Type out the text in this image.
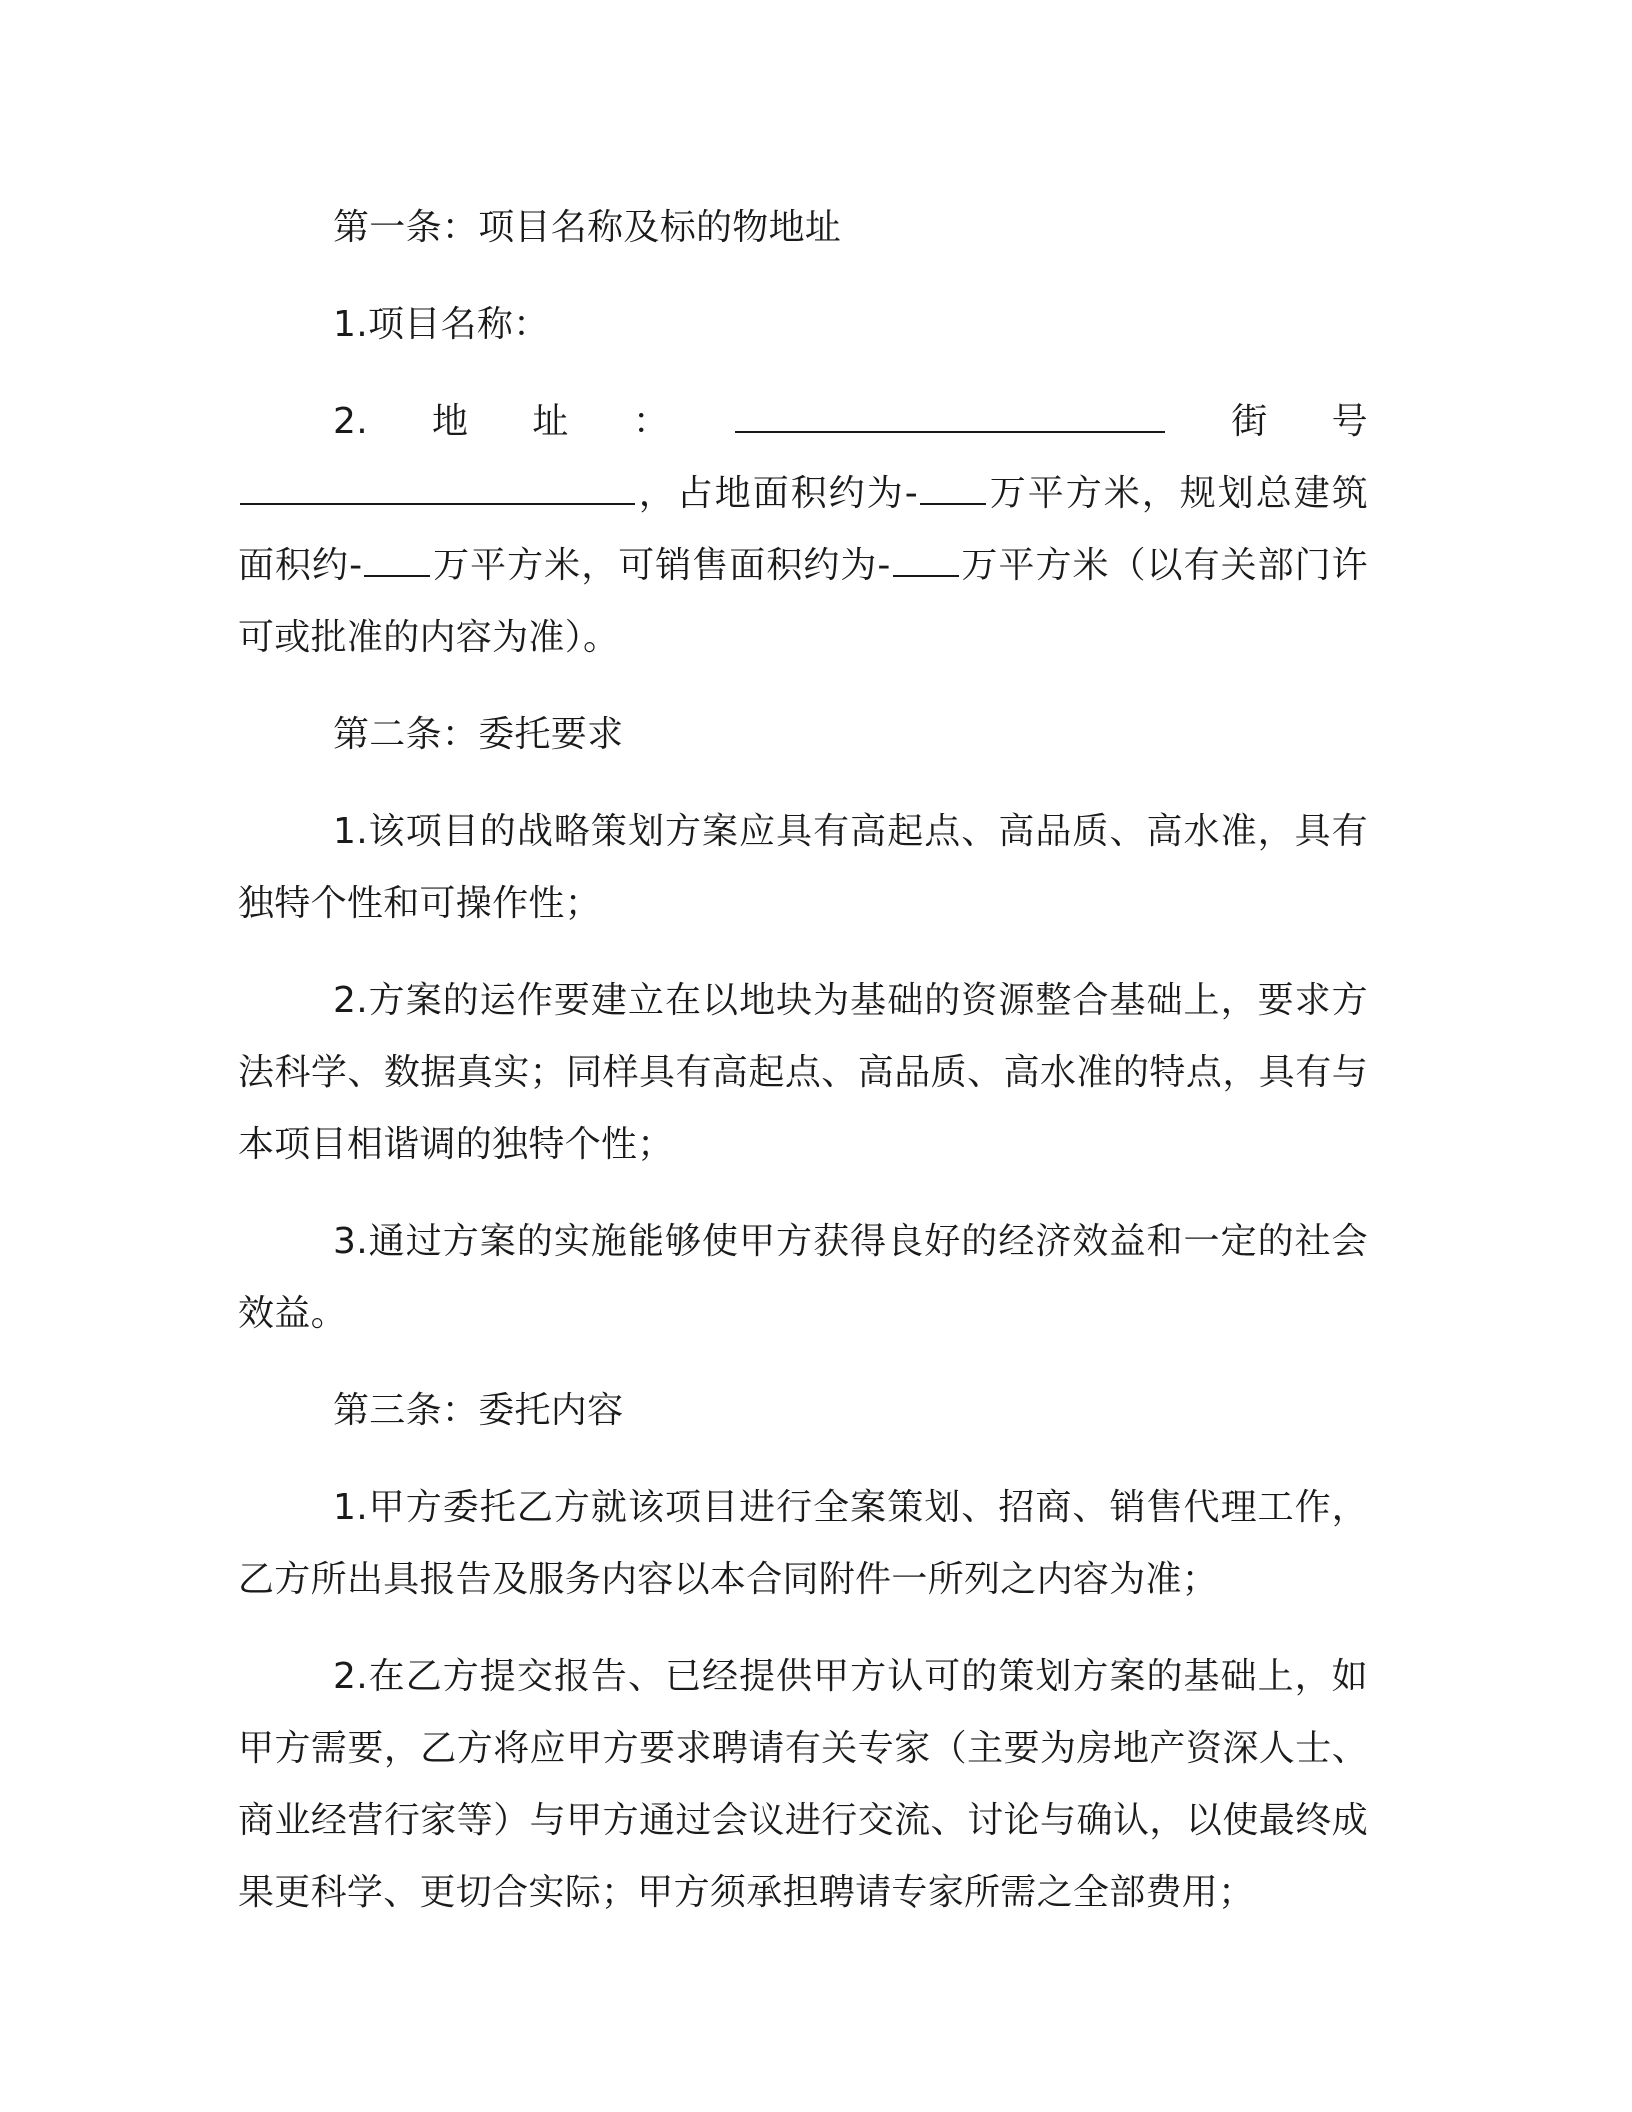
第一条：项目名称及标的物地址

1.项目名称：

2.地址：	街号，占地面积约为- 万平方米，规划总建筑面积约- 万平方米，可销售面积约为- 万平方米（以有关部门许可或批准的内容为准）。

第二条：委托要求

1.该项目的战略策划方案应具有高起点、高品质、高水准，具有独特个性和可操作性；

2.方案的运作要建立在以地块为基础的资源整合基础上，要求方法科学、数据真实；同样具有高起点、高品质、高水准的特点，具有与本项目相谐调的独特个性；

3.通过方案的实施能够使甲方获得良好的经济效益和一定的社会效益。

第三条：委托内容

1.甲方委托乙方就该项目进行全案策划、招商、销售代理工作，乙方所出具报告及服务内容以本合同附件一所列之内容为准；

2.在乙方提交报告、已经提供甲方认可的策划方案的基础上，如甲方需要，乙方将应甲方要求聘请有关专家（主要为房地产资深人士、商业经营行家等）与甲方通过会议进行交流、讨论与确认，以使最终成果更科学、更切合实际；甲方须承担聘请专家所需之全部费用；
